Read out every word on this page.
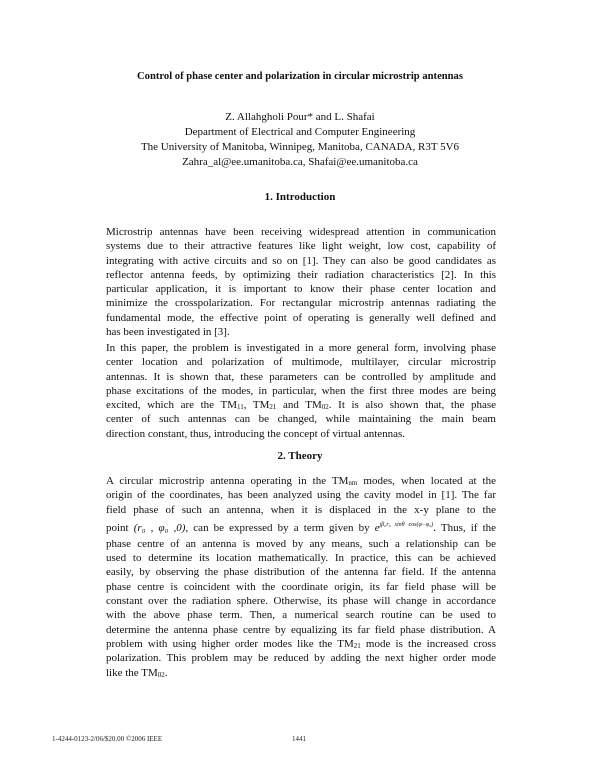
Control of phase center and polarization in circular microstrip antennas
Z. Allahgholi Pour* and L. Shafai
Department of Electrical and Computer Engineering
The University of Manitoba, Winnipeg, Manitoba, CANADA, R3T 5V6
Zahra_al@ee.umanitoba.ca, Shafai@ee.umanitoba.ca
1. Introduction
Microstrip antennas have been receiving widespread attention in communication
systems due to their attractive features like light weight, low cost, capability of
integrating with active circuits and so on [1]. They can also be good candidates as
reflector antenna feeds, by optimizing their radiation characteristics [2]. In this
particular application, it is important to know their phase center location and
minimize the crosspolarization. For rectangular microstrip antennas radiating the
fundamental mode, the effective point of operating is generally well defined and
has been investigated in [3].
In this paper, the problem is investigated in a more general form, involving phase
center location and polarization of multimode, multilayer, circular microstrip
antennas. It is shown that, these parameters can be controlled by amplitude and
phase excitations of the modes, in particular, when the first three modes are being
excited, which are the $TM_{11}$, $TM_{21}$ and $TM_{02}$. It is also shown that, the phase
center of such antennas can be changed, while maintaining the main beam
direction constant, thus, introducing the concept of virtual antennas.
2. Theory
A circular microstrip antenna operating in the $TM_{nm}$ modes, when located at the
origin of the coordinates, has been analyzed using the cavity model in [1]. The far
field phase of such an antenna, when it is displaced in the x-y plane to the
point (r₀ , φ₀ ,0), can be expressed by a term given by $e^{j\beta_0r_0 sin\theta cos(\varphi-\varphi_0)}$. Thus, if the
phase centre of an antenna is moved by any means, such a relationship can be
used to determine its location mathematically. In practice, this can be achieved
easily, by observing the phase distribution of the antenna far field. If the antenna
phase centre is coincident with the coordinate origin, its far field phase will be
constant over the radiation sphere. Otherwise, its phase will change in accordance
with the above phase term. Then, a numerical search routine can be used to
determine the antenna phase centre by equalizing its far field phase distribution. A
problem with using higher order modes like the $TM_{21}$ mode is the increased cross
polarization. This problem may be reduced by adding the next higher order mode
like the $TM_{02}$.
1-4244-0123-2/06/$20.00 ©2006 IEEE	1441
